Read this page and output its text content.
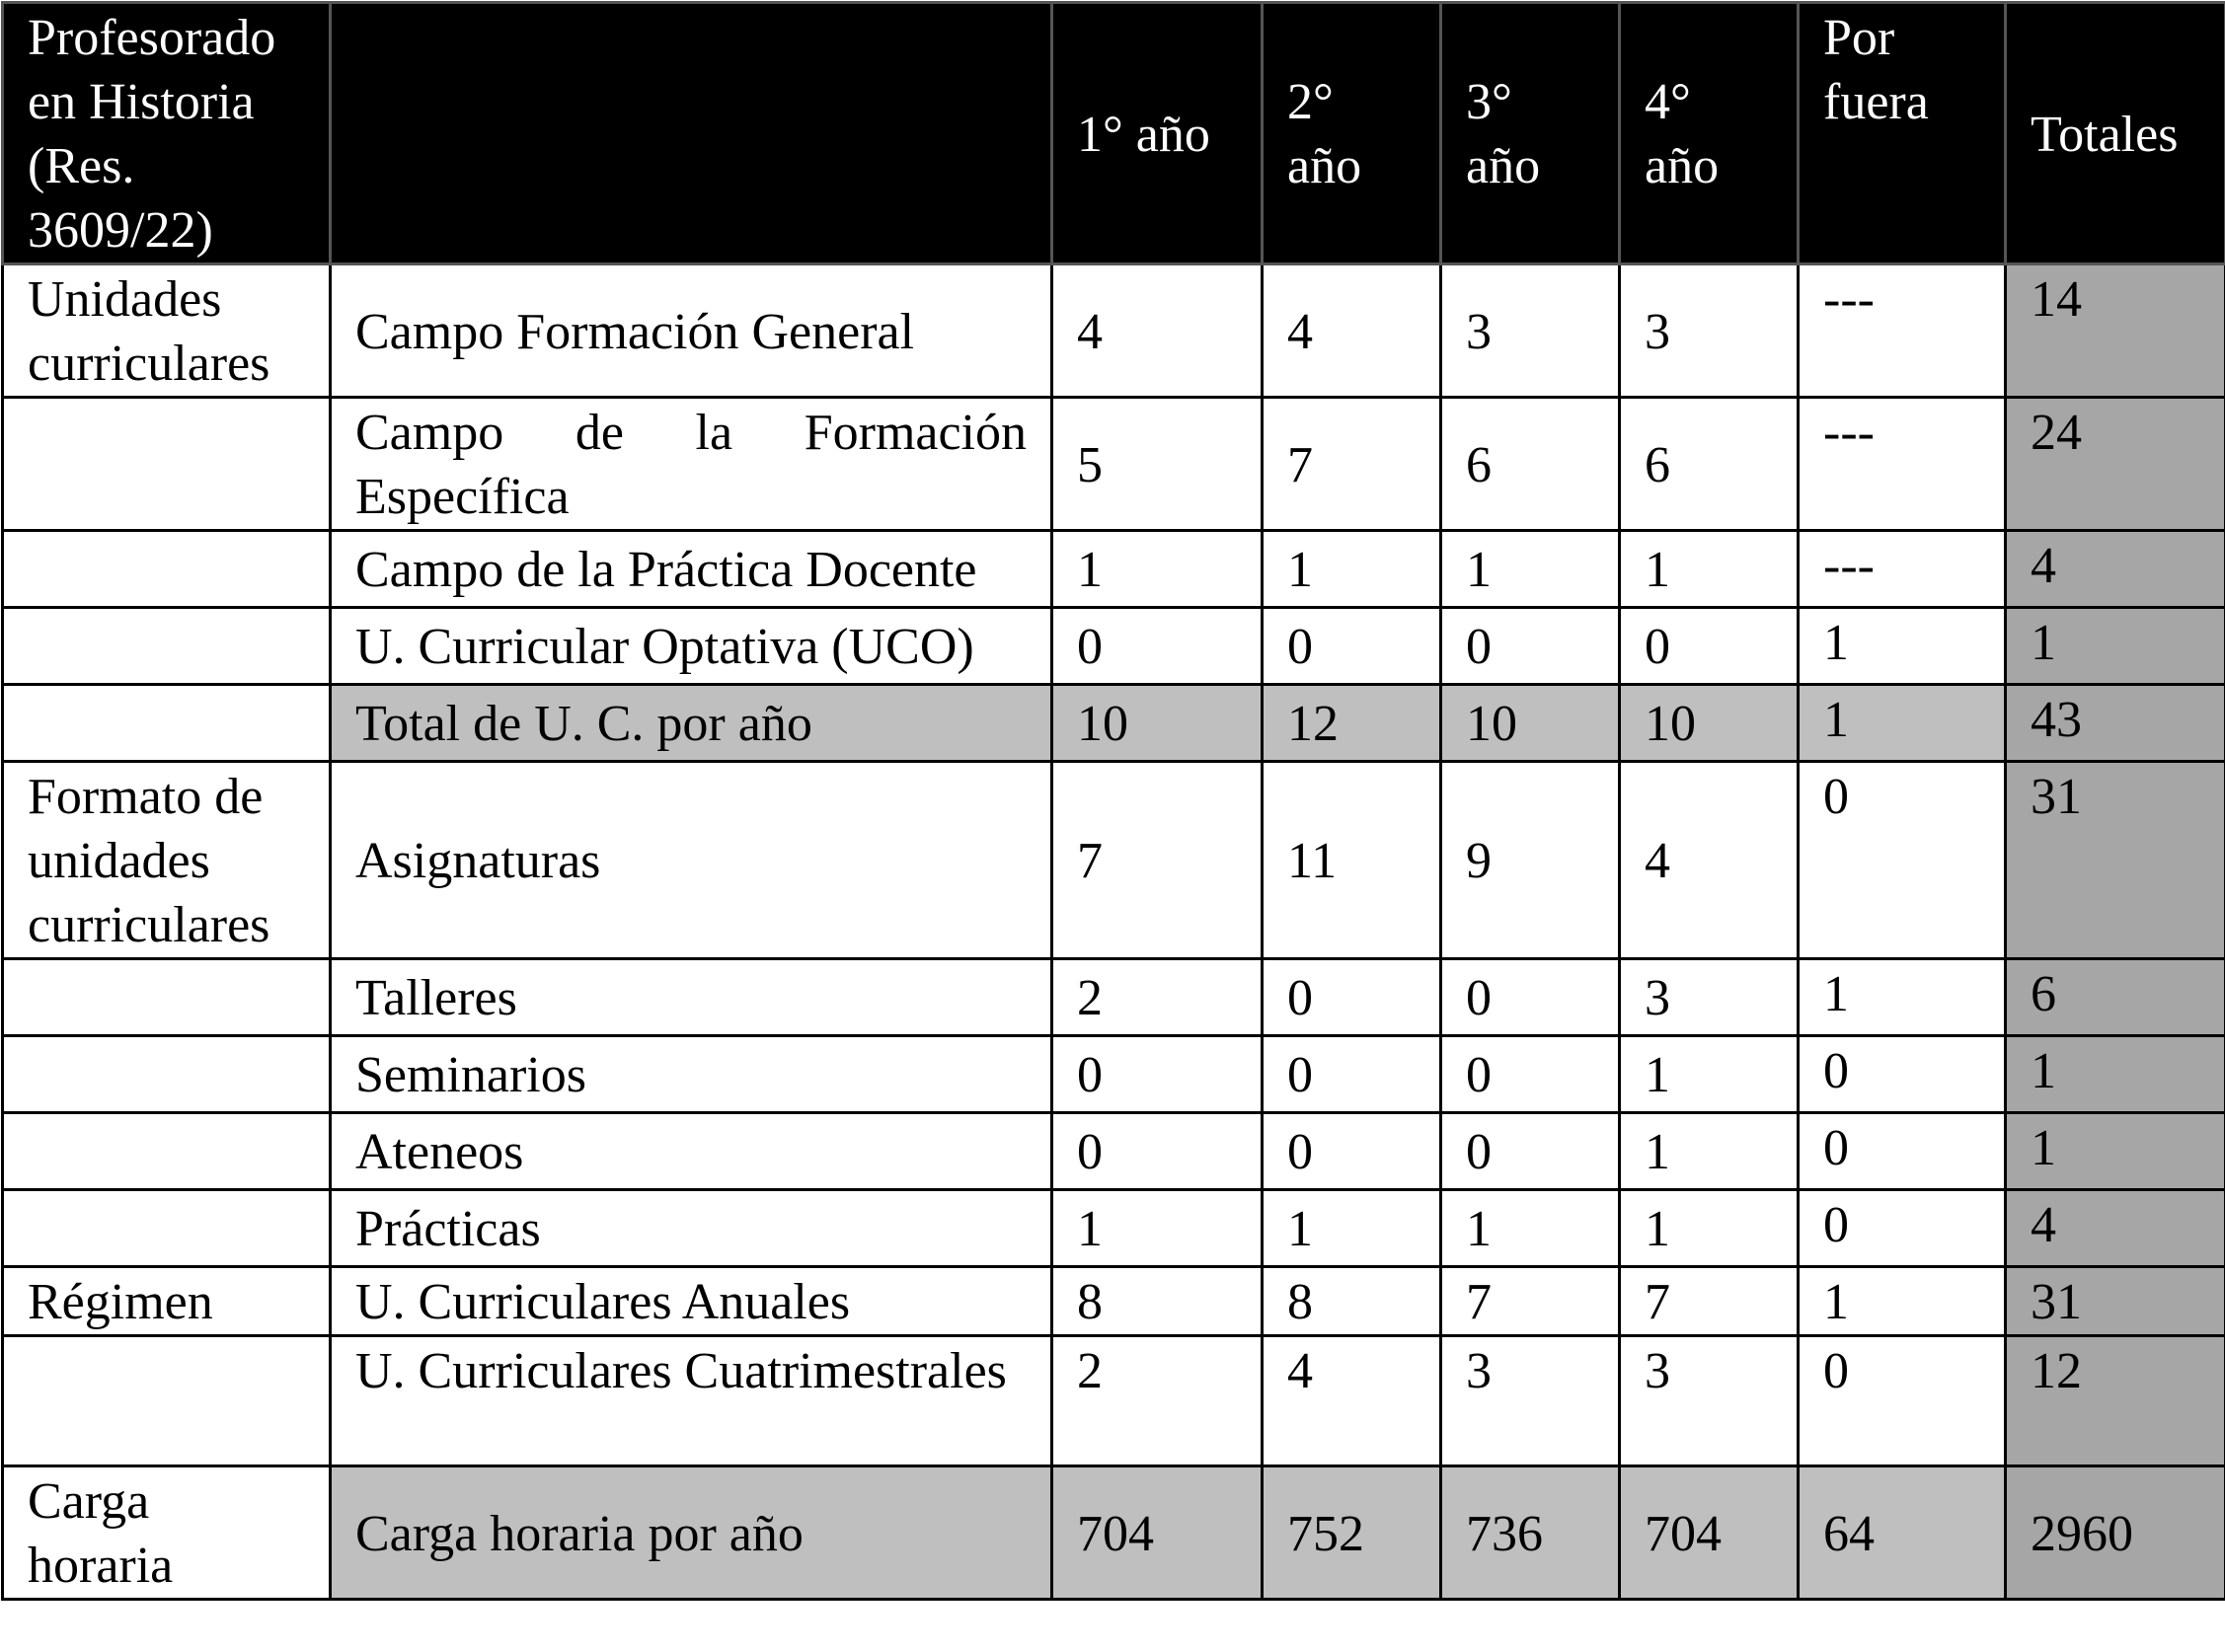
Profesorado en Historia (Res. 3609/22)		1° año	2° año	3° año	4° año	Por fuera	Totales
Unidades curriculares	Campo Formación General	4	4	3	3	---	14
	Campo de la Formación Específica	5	7	6	6	---	24
	Campo de la Práctica Docente	1	1	1	1	---	4
	U. Curricular Optativa (UCO)	0	0	0	0	1	1
	Total de U. C. por año	10	12	10	10	1	43
Formato de unidades curriculares	Asignaturas	7	11	9	4	0	31
	Talleres	2	0	0	3	1	6
	Seminarios	0	0	0	1	0	1
	Ateneos	0	0	0	1	0	1
	Prácticas	1	1	1	1	0	4
Régimen	U. Curriculares Anuales	8	8	7	7	1	31
	U. Curriculares Cuatrimestrales	2	4	3	3	0	12
Carga horaria	Carga horaria por año	704	752	736	704	64	2960
